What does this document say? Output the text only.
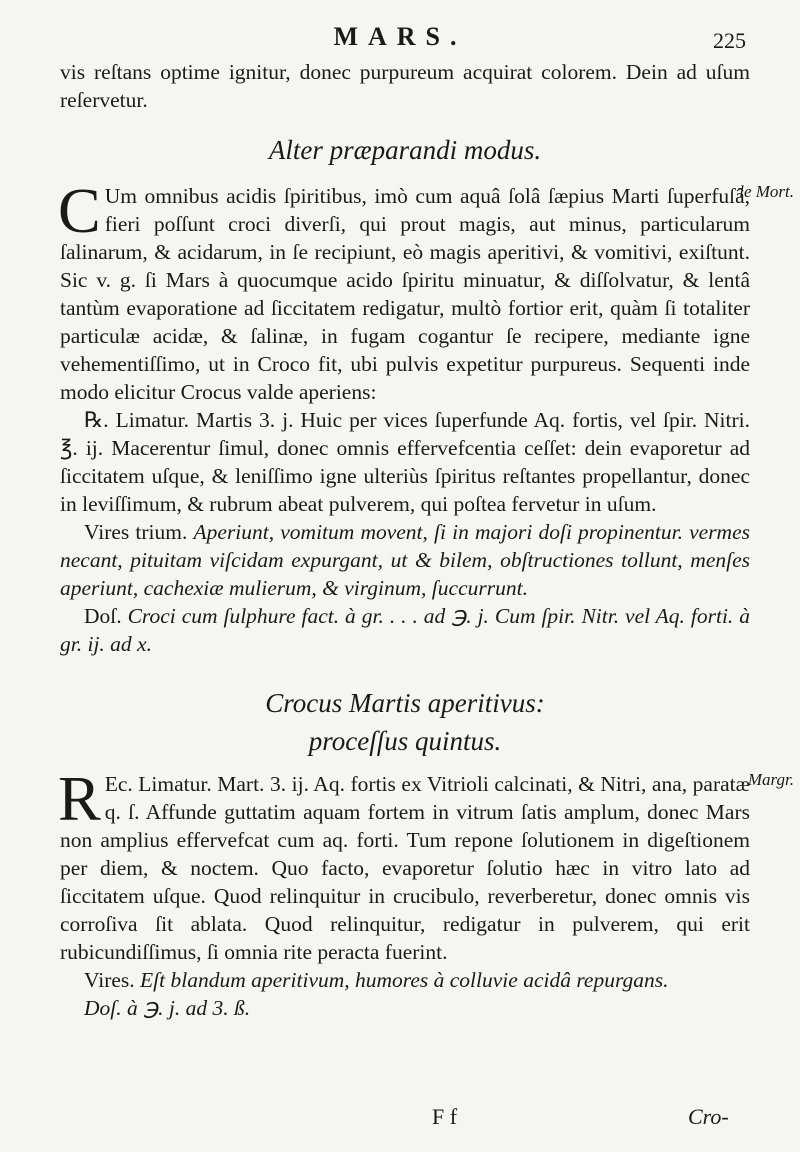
MARS.	225

vis reſtans optime ignitur, donec purpureum acquirat colorem. Dein ad uſum reſervetur.

Alter præparandi modus.
le Mort.
C Um omnibus acidis ſpiritibus, imò cum aquâ ſolâ ſæpius Marti ſuperfuſâ, fieri poſſunt croci diverſi, qui prout magis, aut minus, particularum ſalinarum, & acidarum, in ſe recipiunt, eò magis aperitivi, & vomitivi, exiſtunt. Sic v. g. ſi Mars à quocumque acido ſpiritu minuatur, & diſſolvatur, & lentâ tantùm evaporatione ad ſiccitatem redigatur, multò fortior erit, quàm ſi totaliter particulæ acidæ, & ſalinæ, in fugam cogantur ſe recipere, mediante igne vehementiſſimo, ut in Croco fit, ubi pulvis expetitur purpureus. Sequenti inde modo elicitur Crocus valde aperiens:

℞. Limatur. Martis 3. j. Huic per vices ſuperfunde Aq. fortis, vel ſpir. Nitri. ℥. ij. Macerentur ſimul, donec omnis effervefcentia ceſſet: dein evaporetur ad ſiccitatem uſque, & leniſſimo igne ulteriùs ſpiritus reſtantes propellantur, donec in leviſſimum, & rubrum abeat pulverem, qui poſtea fervetur in uſum.

Vires trium. Aperiunt, vomitum movent, ſi in majori doſi propinentur. vermes necant, pituitam viſcidam expurgant, ut & bilem, obſtructiones tollunt, menſes aperiunt, cachexiæ mulierum, & virginum, ſuccurrunt.

Doſ. Croci cum ſulphure fact. à gr. . . . ad ℈. j. Cum ſpir. Nitr. vel Aq. forti. à gr. ij. ad x.

Crocus Martis aperitivus:
proceſſus quintus.
Margr.
R Ec. Limatur. Mart. 3. ij. Aq. fortis ex Vitrioli calcinati, & Nitri, ana, paratæ q. ſ. Affunde guttatim aquam fortem in vitrum ſatis amplum, donec Mars non amplius effervefcat cum aq. forti. Tum repone ſolutionem in digeſtionem per diem, & noctem. Quo facto, evaporetur ſolutio hæc in vitro lato ad ſiccitatem uſque. Quod relinquitur in crucibulo, reverberetur, donec omnis vis corroſiva ſit ablata. Quod relinquitur, redigatur in pulverem, qui erit rubicundiſſimus, ſi omnia rite peracta fuerint.

Vires. Eſt blandum aperitivum, humores à colluvie acidâ repurgans.

Doſ. à ℈. j. ad 3. ß.

F f	Cro-
